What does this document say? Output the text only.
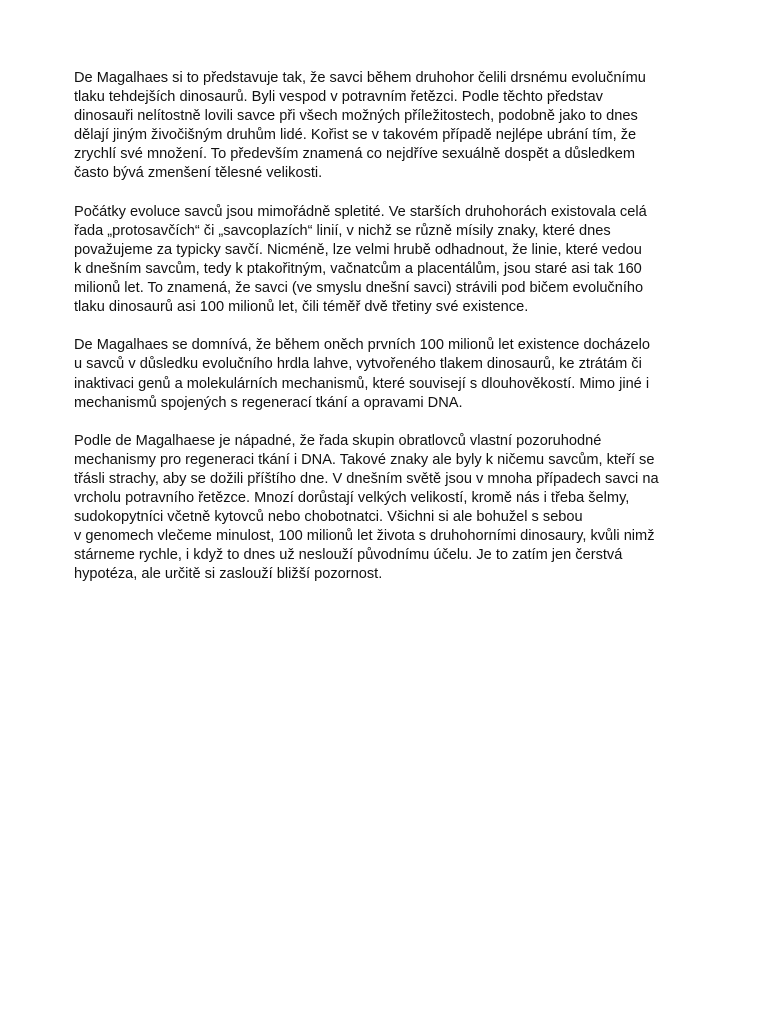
De Magalhaes si to představuje tak, že savci během druhohor čelili drsnému evolučnímu
tlaku tehdejších dinosaurů. Byli vespod v potravním řetězci. Podle těchto představ
dinosauři nelítostně lovili savce při všech možných příležitostech, podobně jako to dnes
dělají jiným živočišným druhům lidé. Kořist se v takovém případě nejlépe ubrání tím, že
zrychlí své množení. To především znamená co nejdříve sexuálně dospět a důsledkem
často bývá zmenšení tělesné velikosti.

Počátky evoluce savců jsou mimořádně spletité. Ve starších druhohorách existovala celá
řada „protosavčích“ či „savcoplazích“ linií, v nichž se různě mísily znaky, které dnes
považujeme za typicky savčí. Nicméně, lze velmi hrubě odhadnout, že linie, které vedou
k dnešním savcům, tedy k ptakořitným, vačnatcům a placentálům, jsou staré asi tak 160
milionů let. To znamená, že savci (ve smyslu dnešní savci) strávili pod bičem evolučního
tlaku dinosaurů asi 100 milionů let, čili téměř dvě třetiny své existence.

De Magalhaes se domnívá, že během oněch prvních 100 milionů let existence docházelo
u savců v důsledku evolučního hrdla lahve, vytvořeného tlakem dinosaurů, ke ztrátám či
inaktivaci genů a molekulárních mechanismů, které souvisejí s dlouhověkostí. Mimo jiné i
mechanismů spojených s regenerací tkání a opravami DNA.

Podle de Magalhaese je nápadné, že řada skupin obratlovců vlastní pozoruhodné
mechanismy pro regeneraci tkání i DNA. Takové znaky ale byly k ničemu savcům, kteří se
třásli strachy, aby se dožili příštího dne. V dnešním světě jsou v mnoha případech savci na
vrcholu potravního řetězce. Mnozí dorůstají velkých velikostí, kromě nás i třeba šelmy,
sudokopytníci včetně kytovců nebo chobotnatci. Všichni si ale bohužel s sebou
v genomech vlečeme minulost, 100 milionů let života s druhohorními dinosaury, kvůli nimž
stárneme rychle, i když to dnes už neslouží původnímu účelu. Je to zatím jen čerstvá
hypotéza, ale určitě si zaslouží bližší pozornost.
